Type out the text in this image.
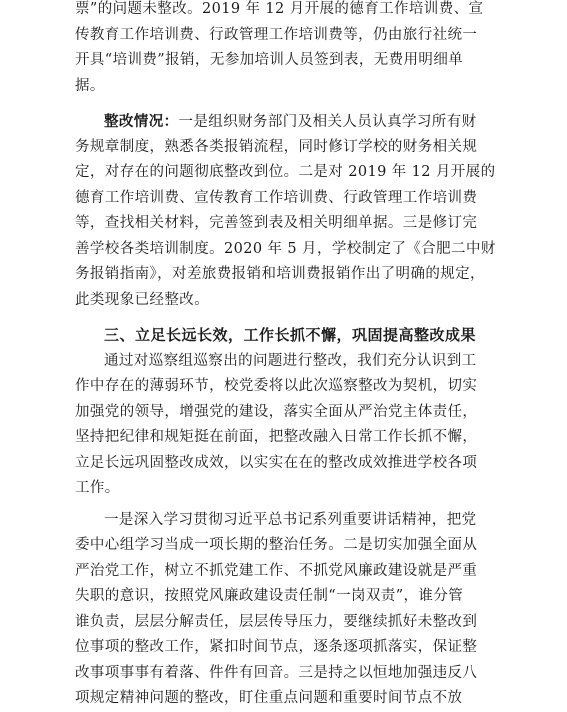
票”的问题未整改。2019 年 12 月开展的德育工作培训费、宣
传教育工作培训费、行政管理工作培训费等，仍由旅行社统一
开具“培训费”报销，无参加培训人员签到表，无费用明细单
据。
整改情况：一是组织财务部门及相关人员认真学习所有财
务规章制度，熟悉各类报销流程，同时修订学校的财务相关规
定，对存在的问题彻底整改到位。二是对 2019 年 12 月开展的
德育工作培训费、宣传教育工作培训费、行政管理工作培训费
等，查找相关材料，完善签到表及相关明细单据。三是修订完
善学校各类培训制度。2020 年 5 月，学校制定了《合肥二中财
务报销指南》，对差旅费报销和培训费报销作出了明确的规定，
此类现象已经整改。
三、立足长远长效，工作长抓不懈，巩固提高整改成果
通过对巡察组巡察出的问题进行整改，我们充分认识到工
作中存在的薄弱环节，校党委将以此次巡察整改为契机，切实
加强党的领导，增强党的建设，落实全面从严治党主体责任，
坚持把纪律和规矩挺在前面，把整改融入日常工作长抓不懈，
立足长远巩固整改成效，以实实在在的整改成效推进学校各项
工作。
一是深入学习贯彻习近平总书记系列重要讲话精神，把党
委中心组学习当成一项长期的整治任务。二是切实加强全面从
严治党工作，树立不抓党建工作、不抓党风廉政建设就是严重
失职的意识，按照党风廉政建设责任制“一岗双责”，谁分管
谁负责，层层分解责任，层层传导压力，要继续抓好未整改到
位事项的整改工作，紧扣时间节点，逐条逐项抓落实，保证整
改事项事事有着落、件件有回音。三是持之以恒地加强违反八
项规定精神问题的整改，盯住重点问题和重要时间节点不放
